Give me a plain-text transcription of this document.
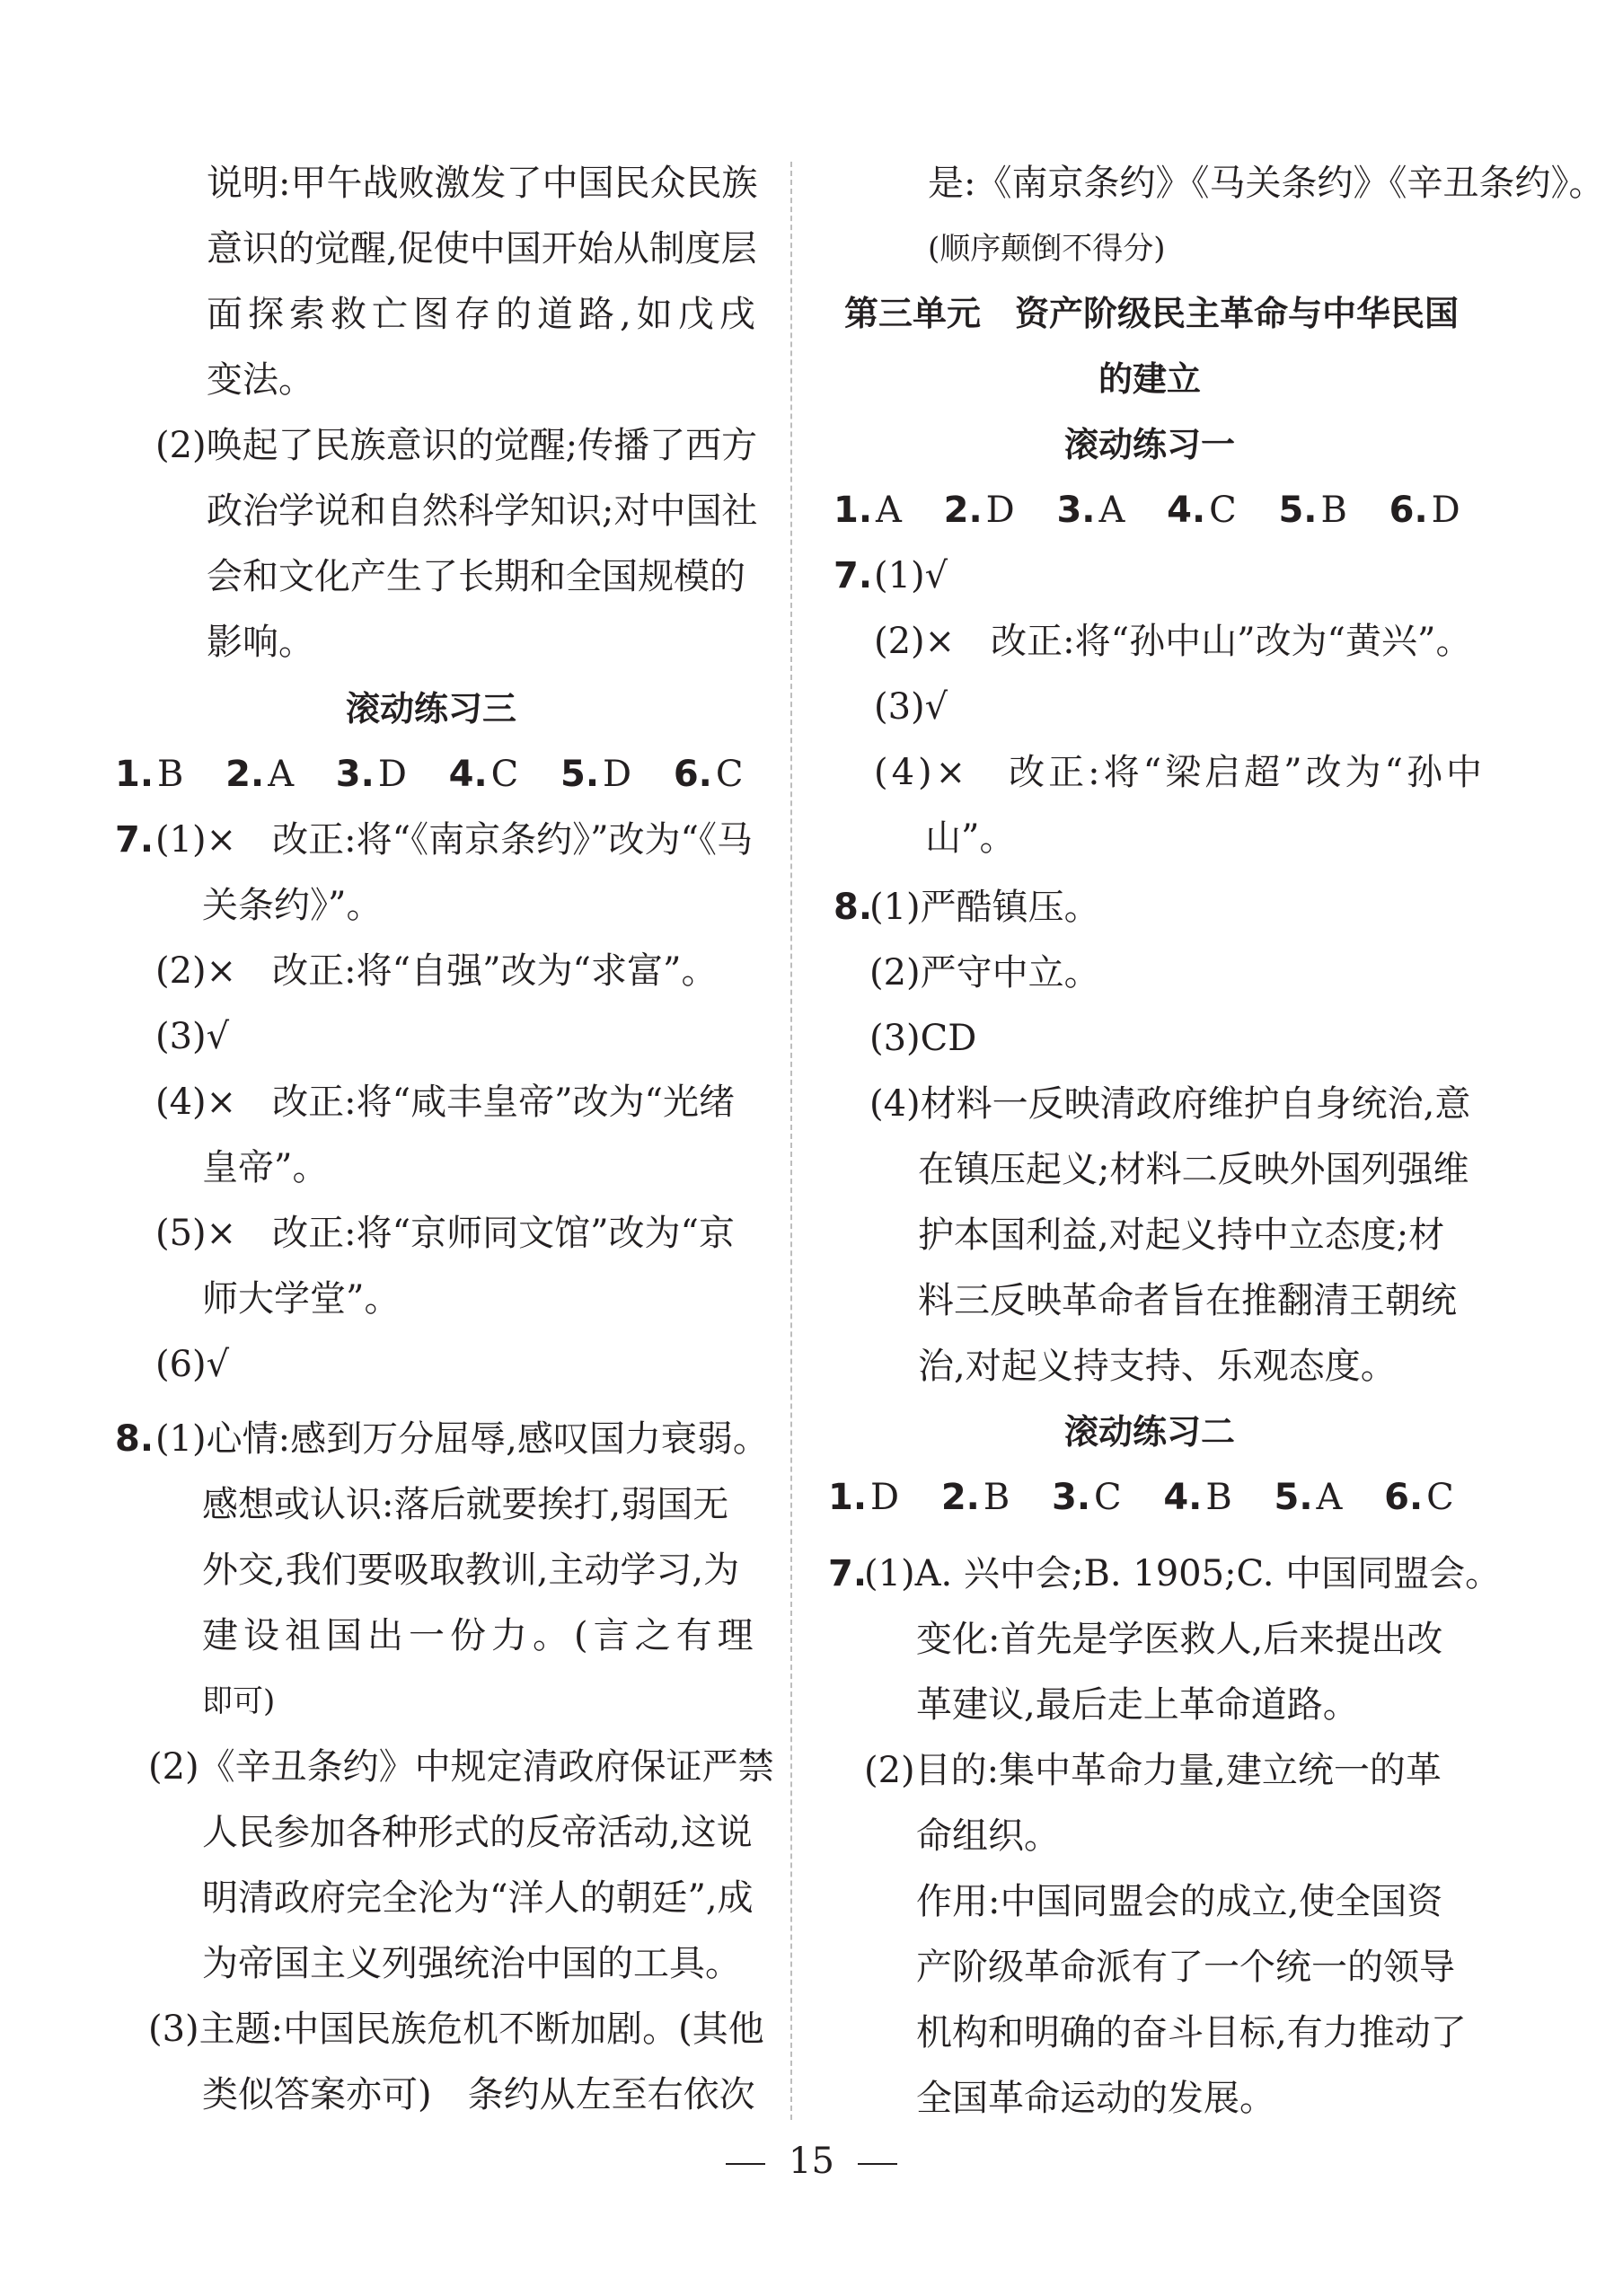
说 明 : 甲 午 战 败 激 发 了 中 国 民 众 民 族
意 识 的 觉 醒 , 促 使 中 国 开 始 从 制 度 层
面探索救亡图存的道路,如戊戌
变法。
(2)唤起了民族意识的觉醒;传播了西方
政治学说和自然科学知识;对中国社
会和文化产生了长期和全国规模的
影响。
滚动练习三
1. B 2. A 3. D 4. C 5. D 6. C
7. (1)×　改正:将“《南京条约》”改为“《马
关条约》”。
(2)×　改正:将“自强”改为“求富”。
(3)√
(4)×　改正:将“咸丰皇帝”改为“光绪
皇帝”。
(5)×　改正:将“京师同文馆”改为“京
师大学堂”。
(6)√
8. (1)心情:感到万分屈辱,感叹国力衰弱。
感想或认识:落后就要挨打,弱国无
外交,我们要吸取教训,主动学习,为
建设祖国出一份力。(言之有理
即可)
(2)《辛丑条约》中规定清政府保证严禁
人民参加各种形式的反帝活动,这说
明清政府完全沦为“洋人的朝廷”,成
为帝国主义列强统治中国的工具。
(3)主题:中国民族危机不断加剧。(其他
类似答案亦可)　条约从左至右依次
是:《南京条约》《马关条约》《辛丑条约》。
(顺序颠倒不得分)
第三单元　资产阶级民主革命与中华民国
的建立
滚动练习一
1. A 2. D 3. A 4. C 5. B 6. D
7. (1)√
(2)×　改正:将“孙中山”改为“黄兴”。
(3)√
(4)×　改正:将“梁启超”改为“孙中
山”。
8.
(1)严酷镇压。
(2)严守中立。
(3)CD
(4)材料一反映清政府维护自身统治,意
在镇压起义;材料二反映外国列强维
护本国利益,对起义持中立态度;材
料三反映革命者旨在推翻清王朝统
治,对起义持支持、乐观态度。
滚动练习二
1. D 2. B 3. C 4. B 5. A 6. C
7.
(1)A. 兴中会;B. 1905;C. 中国同盟会。
变化:首先是学医救人,后来提出改
革建议,最后走上革命道路。
(2)目的:集中革命力量,建立统一的革
命组织。
作用:中国同盟会的成立,使全国资
产阶级革命派有了一个统一的领导
机构和明确的奋斗目标,有力推动了
全国革命运动的发展。
15
